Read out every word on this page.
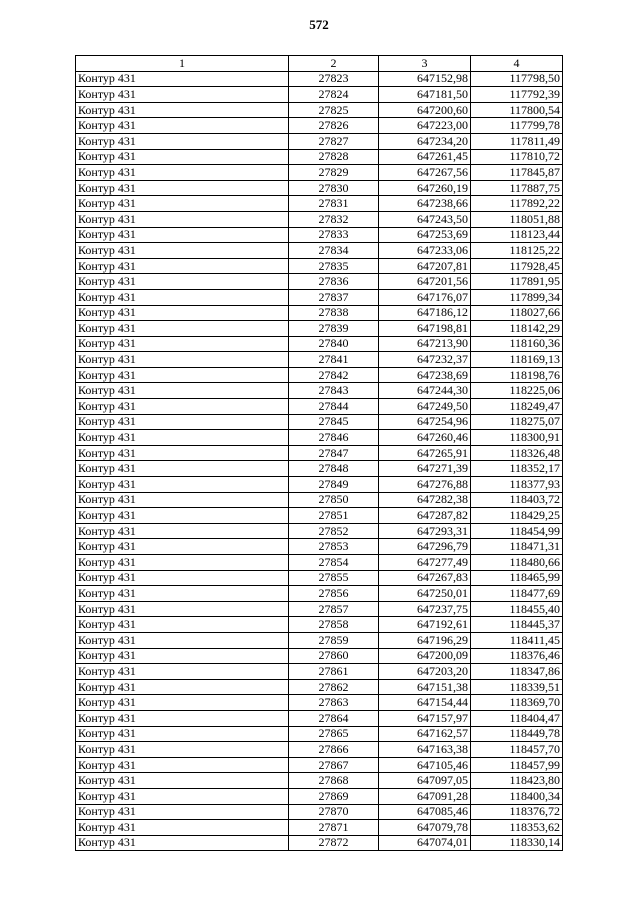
572
1	2	3	4
Контур 431	27823	647152,98	117798,50
Контур 431	27824	647181,50	117792,39
Контур 431	27825	647200,60	117800,54
Контур 431	27826	647223,00	117799,78
Контур 431	27827	647234,20	117811,49
Контур 431	27828	647261,45	117810,72
Контур 431	27829	647267,56	117845,87
Контур 431	27830	647260,19	117887,75
Контур 431	27831	647238,66	117892,22
Контур 431	27832	647243,50	118051,88
Контур 431	27833	647253,69	118123,44
Контур 431	27834	647233,06	118125,22
Контур 431	27835	647207,81	117928,45
Контур 431	27836	647201,56	117891,95
Контур 431	27837	647176,07	117899,34
Контур 431	27838	647186,12	118027,66
Контур 431	27839	647198,81	118142,29
Контур 431	27840	647213,90	118160,36
Контур 431	27841	647232,37	118169,13
Контур 431	27842	647238,69	118198,76
Контур 431	27843	647244,30	118225,06
Контур 431	27844	647249,50	118249,47
Контур 431	27845	647254,96	118275,07
Контур 431	27846	647260,46	118300,91
Контур 431	27847	647265,91	118326,48
Контур 431	27848	647271,39	118352,17
Контур 431	27849	647276,88	118377,93
Контур 431	27850	647282,38	118403,72
Контур 431	27851	647287,82	118429,25
Контур 431	27852	647293,31	118454,99
Контур 431	27853	647296,79	118471,31
Контур 431	27854	647277,49	118480,66
Контур 431	27855	647267,83	118465,99
Контур 431	27856	647250,01	118477,69
Контур 431	27857	647237,75	118455,40
Контур 431	27858	647192,61	118445,37
Контур 431	27859	647196,29	118411,45
Контур 431	27860	647200,09	118376,46
Контур 431	27861	647203,20	118347,86
Контур 431	27862	647151,38	118339,51
Контур 431	27863	647154,44	118369,70
Контур 431	27864	647157,97	118404,47
Контур 431	27865	647162,57	118449,78
Контур 431	27866	647163,38	118457,70
Контур 431	27867	647105,46	118457,99
Контур 431	27868	647097,05	118423,80
Контур 431	27869	647091,28	118400,34
Контур 431	27870	647085,46	118376,72
Контур 431	27871	647079,78	118353,62
Контур 431	27872	647074,01	118330,14
